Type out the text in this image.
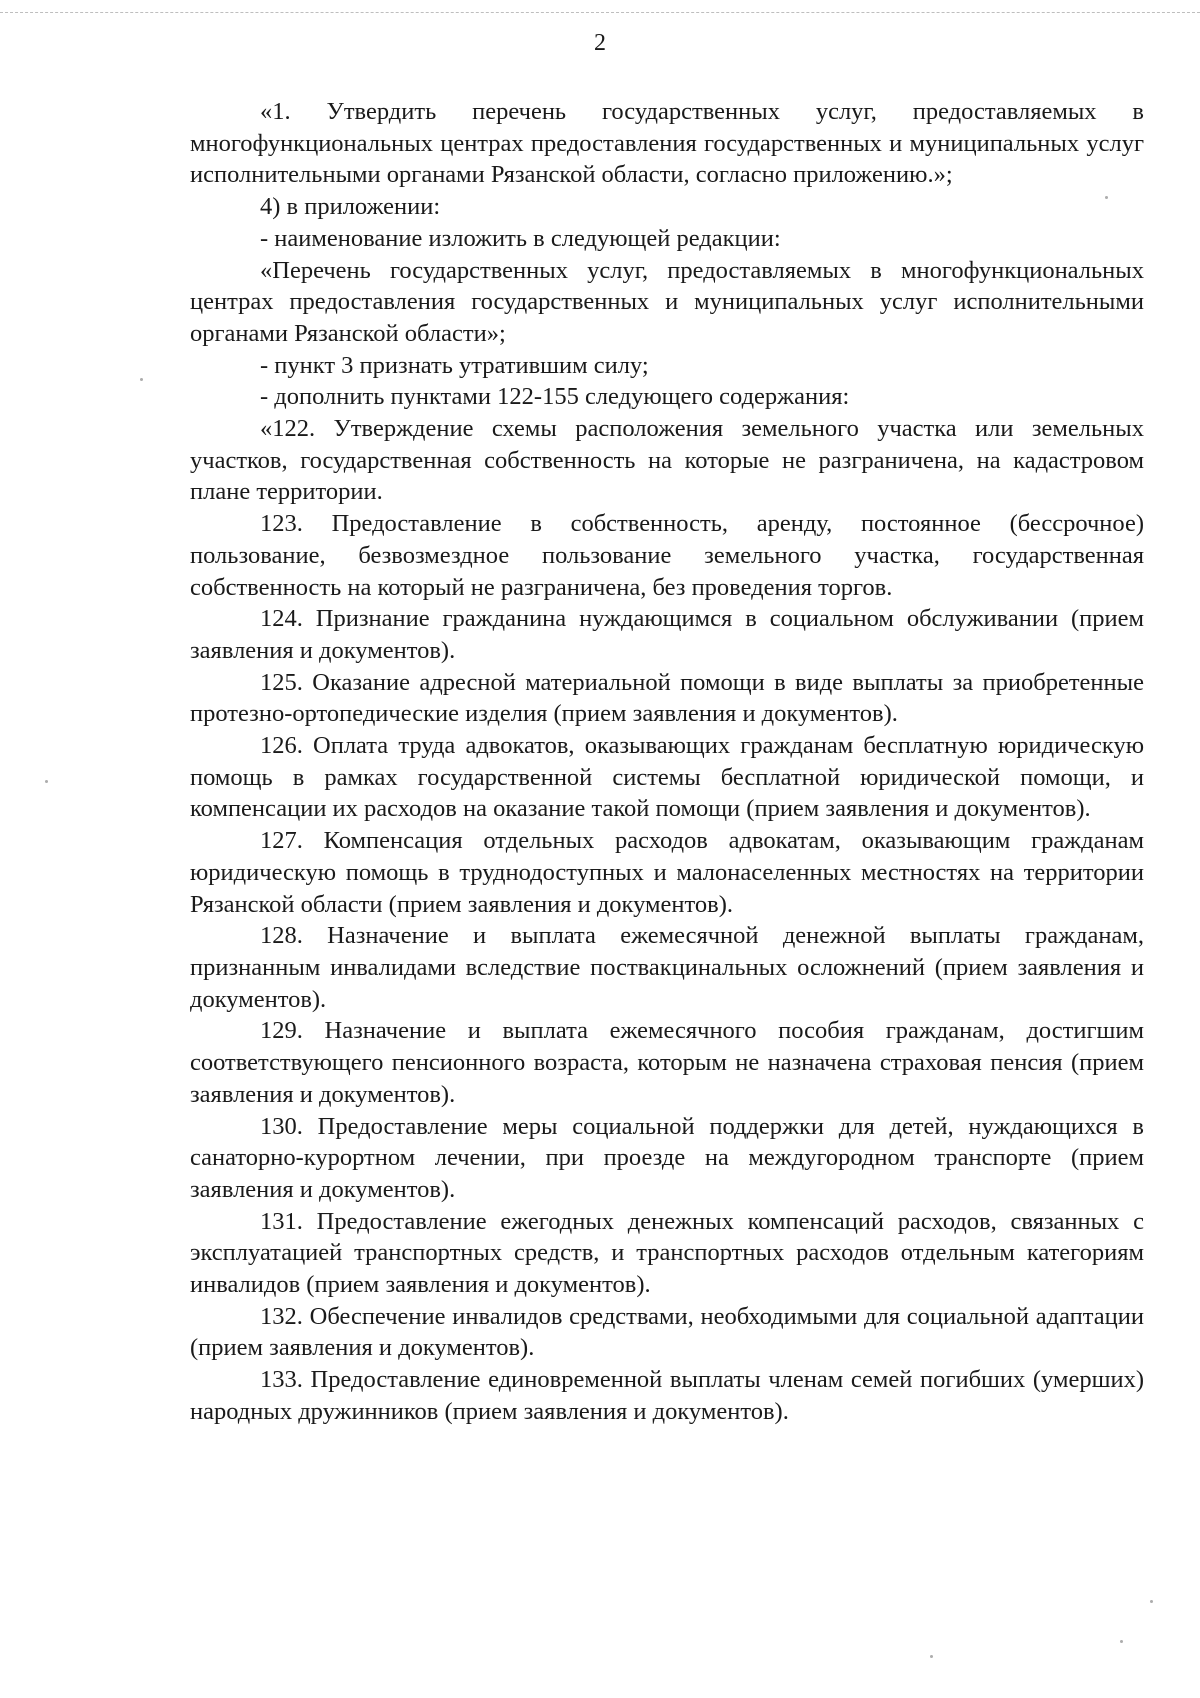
2

«1. Утвердить перечень государственных услуг, предоставляемых в многофункциональных центрах предоставления государственных и муниципальных услуг исполнительными органами Рязанской области, согласно приложению.»;

4) в приложении:

- наименование изложить в следующей редакции:

«Перечень государственных услуг, предоставляемых в многофункциональных центрах предоставления государственных и муниципальных услуг исполнительными органами Рязанской области»;

- пункт 3 признать утратившим силу;

- дополнить пунктами 122-155 следующего содержания:

«122. Утверждение схемы расположения земельного участка или земельных участков, государственная собственность на которые не разграничена, на кадастровом плане территории.

123. Предоставление в собственность, аренду, постоянное (бессрочное) пользование, безвозмездное пользование земельного участка, государственная собственность на который не разграничена, без проведения торгов.

124. Признание гражданина нуждающимся в социальном обслуживании (прием заявления и документов).

125. Оказание адресной материальной помощи в виде выплаты за приобретенные протезно-ортопедические изделия (прием заявления и документов).

126. Оплата труда адвокатов, оказывающих гражданам бесплатную юридическую помощь в рамках государственной системы бесплатной юридической помощи, и компенсации их расходов на оказание такой помощи (прием заявления и документов).

127. Компенсация отдельных расходов адвокатам, оказывающим гражданам юридическую помощь в труднодоступных и малонаселенных местностях на территории Рязанской области (прием заявления и документов).

128. Назначение и выплата ежемесячной денежной выплаты гражданам, признанным инвалидами вследствие поствакцинальных осложнений (прием заявления и документов).

129. Назначение и выплата ежемесячного пособия гражданам, достигшим соответствующего пенсионного возраста, которым не назначена страховая пенсия (прием заявления и документов).

130. Предоставление меры социальной поддержки для детей, нуждающихся в санаторно-курортном лечении, при проезде на междугородном транспорте (прием заявления и документов).

131. Предоставление ежегодных денежных компенсаций расходов, связанных с эксплуатацией транспортных средств, и транспортных расходов отдельным категориям инвалидов (прием заявления и документов).

132. Обеспечение инвалидов средствами, необходимыми для социальной адаптации (прием заявления и документов).

133. Предоставление единовременной выплаты членам семей погибших (умерших) народных дружинников (прием заявления и документов).
